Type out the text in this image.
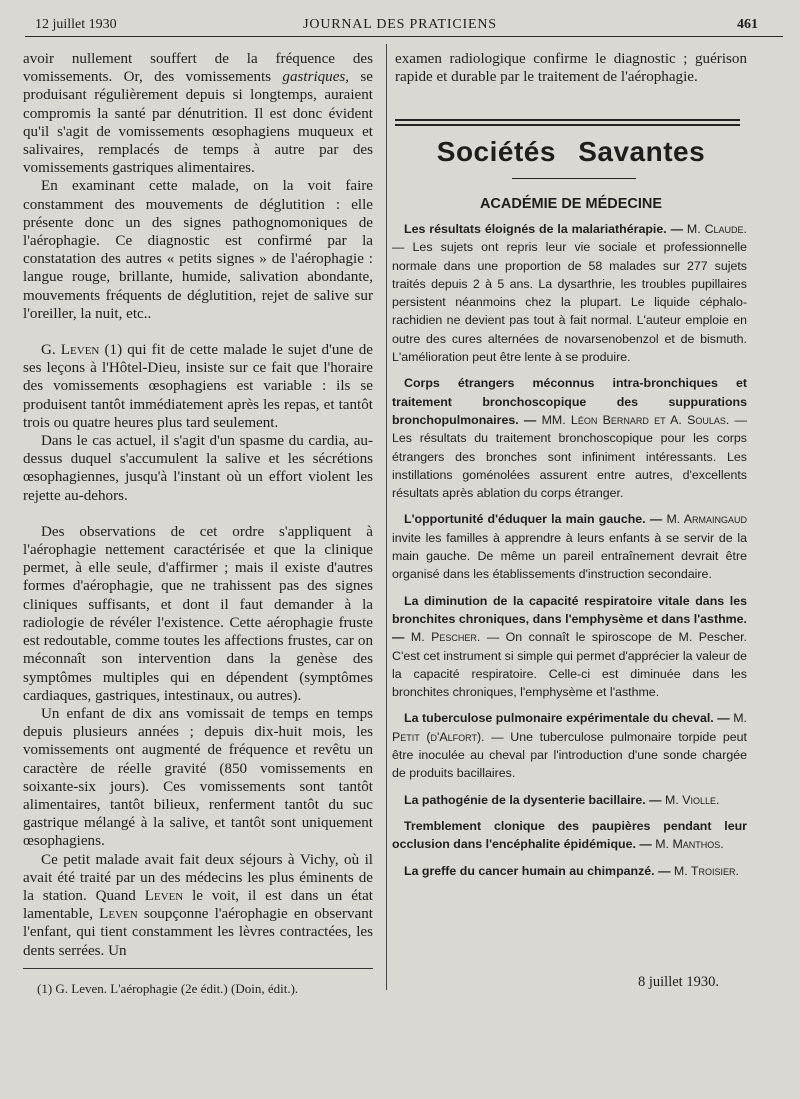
12 juillet 1930	JOURNAL DES PRATICIENS	461

avoir nullement souffert de la fréquence des vomissements. Or, des vomissements gastriques, se produisant régulièrement depuis si longtemps, auraient compromis la santé par dénutrition. Il est donc évident qu'il s'agit de vomissements œsophagiens muqueux et salivaires, remplacés de temps à autre par des vomissements gastriques alimentaires.

En examinant cette malade, on la voit faire constamment des mouvements de déglutition : elle présente donc un des signes pathognomoniques de l'aérophagie. Ce diagnostic est confirmé par la constatation des autres « petits signes » de l'aérophagie : langue rouge, brillante, humide, salivation abondante, mouvements fréquents de déglutition, rejet de salive sur l'oreiller, la nuit, etc..

G. Leven (1) qui fit de cette malade le sujet d'une de ses leçons à l'Hôtel-Dieu, insiste sur ce fait que l'horaire des vomissements œsophagiens est variable : ils se produisent tantôt immédiatement après les repas, et tantôt trois ou quatre heures plus tard seulement.

Dans le cas actuel, il s'agit d'un spasme du cardia, au-dessus duquel s'accumulent la salive et les sécrétions œsophagiennes, jusqu'à l'instant où un effort violent les rejette au-dehors.

Des observations de cet ordre s'appliquent à l'aérophagie nettement caractérisée et que la clinique permet, à elle seule, d'affirmer ; mais il existe d'autres formes d'aérophagie, que ne trahissent pas des signes cliniques suffisants, et dont il faut demander à la radiologie de révéler l'existence. Cette aérophagie fruste est redoutable, comme toutes les affections frustes, car on méconnaît son intervention dans la genèse des symptômes multiples qui en dépendent (symptômes cardiaques, gastriques, intestinaux, ou autres).

Un enfant de dix ans vomissait de temps en temps depuis plusieurs années ; depuis dix-huit mois, les vomissements ont augmenté de fréquence et revêtu un caractère de réelle gravité (850 vomissements en soixante-six jours). Ces vomissements sont tantôt alimentaires, tantôt bilieux, renferment tantôt du suc gastrique mélangé à la salive, et tantôt sont uniquement œsophagiens.

Ce petit malade avait fait deux séjours à Vichy, où il avait été traité par un des médecins les plus éminents de la station. Quand Leven le voit, il est dans un état lamentable, Leven soupçonne l'aérophagie en observant l'enfant, qui tient constamment les lèvres contractées, les dents serrées. Un

(1) G. Leven. L'aérophagie (2e édit.) (Doin, édit.).

examen radiologique confirme le diagnostic ; guérison rapide et durable par le traitement de l'aérophagie.

Sociétés Savantes
ACADÉMIE DE MÉDECINE

Les résultats éloignés de la malariathérapie. — M. Claude. — Les sujets ont repris leur vie sociale et professionnelle normale dans une proportion de 58 malades sur 277 sujets traités depuis 2 à 5 ans. La dysarthrie, les troubles pupillaires persistent néanmoins chez la plupart. Le liquide céphalo-rachidien ne devient pas tout à fait normal. L'auteur emploie en outre des cures alternées de novarsenobenzol et de bismuth. L'amélioration peut être lente à se produire.

Corps étrangers méconnus intra-bronchiques et traitement bronchoscopique des suppurations bronchopulmonaires. — MM. Léon Bernard et A. Soulas. — Les résultats du traitement bronchoscopique pour les corps étrangers des bronches sont infiniment intéressants. Les instillations goménolées assurent entre autres, d'excellents résultats après ablation du corps étranger.

L'opportunité d'éduquer la main gauche. — M. Armaingaud invite les familles à apprendre à leurs enfants à se servir de la main gauche. De même un pareil entraînement devrait être organisé dans les établissements d'instruction secondaire.

La diminution de la capacité respiratoire vitale dans les bronchites chroniques, dans l'emphysème et dans l'asthme. — M. Pescher. — On connaît le spiroscope de M. Pescher. C'est cet instrument si simple qui permet d'apprécier la valeur de la capacité respiratoire. Celle-ci est diminuée dans les bronchites chroniques, l'emphysème et l'asthme.

La tuberculose pulmonaire expérimentale du cheval. — M. Petit (d'Alfort). — Une tuberculose pulmonaire torpide peut être inoculée au cheval par l'introduction d'une sonde chargée de produits bacillaires.

La pathogénie de la dysenterie bacillaire. — M. Violle.

Tremblement clonique des paupières pendant leur occlusion dans l'encéphalite épidémique. — M. Manthos.

La greffe du cancer humain au chimpanzé. — M. Troisier.

8 juillet 1930.
